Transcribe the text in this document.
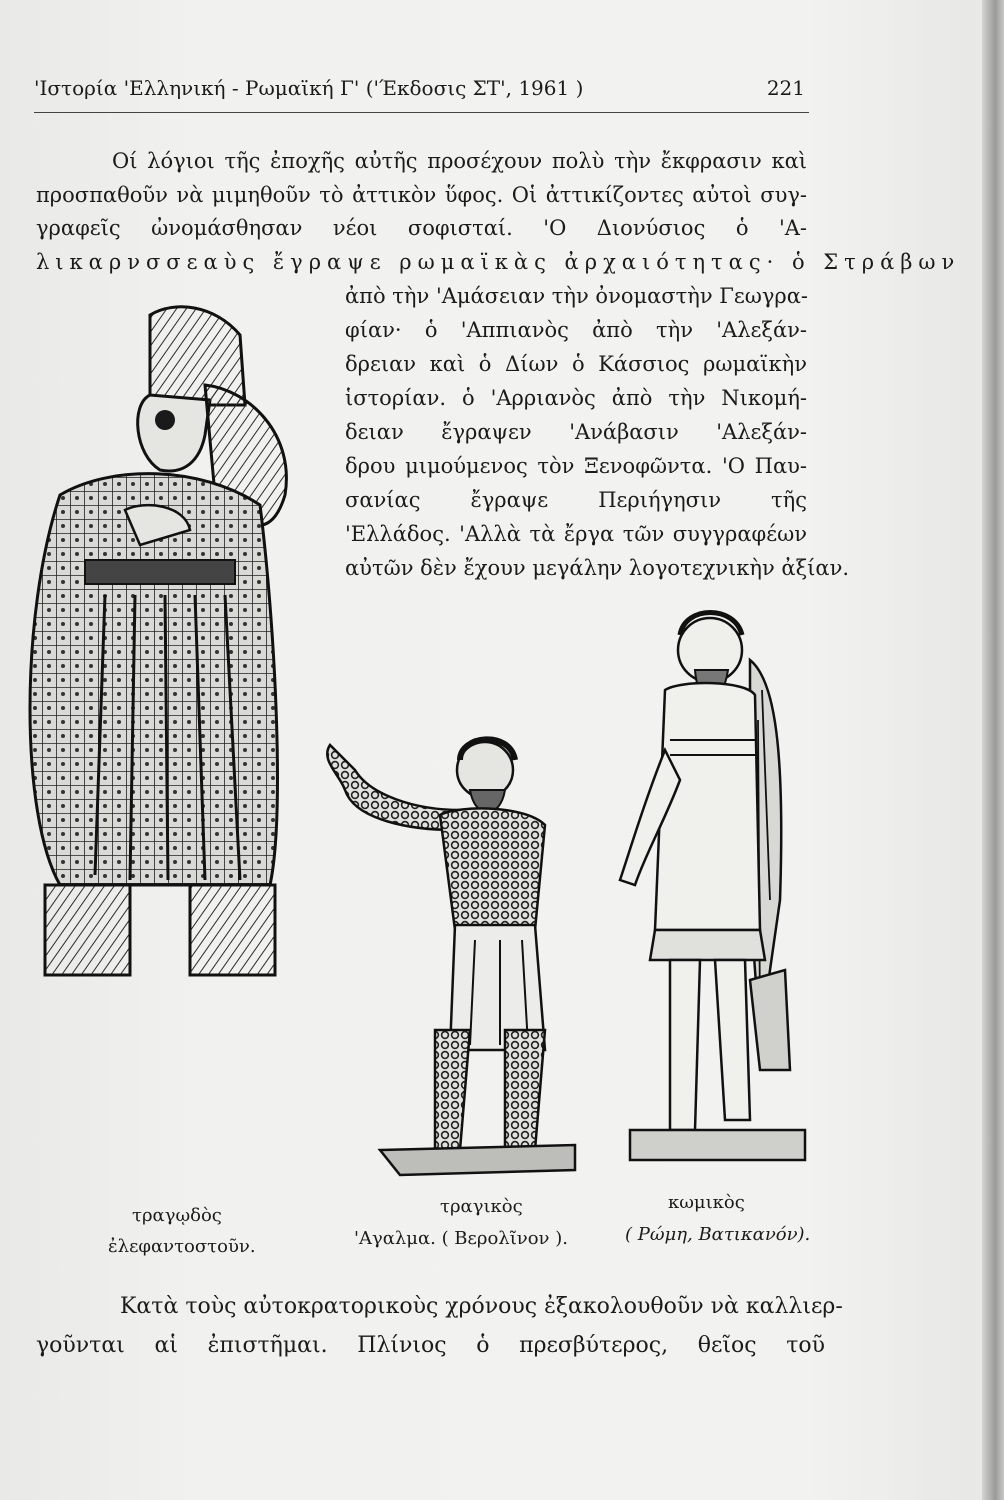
'Ιστορία 'Ελληνική - Ρωμαϊκή Γ' ('Έκδοσις ΣΤ', 1961 )	221
Οί λόγιοι τῆς ἐποχῆς αὐτῆς προσέχουν πολὺ τὴν ἔκφρασιν καὶ
προσπαθοῦν νὰ μιμηθοῦν τὸ ἀττικὸν ὕφος. Οἱ ἀττικίζοντες αὐτοὶ συγ-
γραφεῖς ὠνομάσθησαν νέοι σοφισταί. 'Ο Διονύσιος ὁ 'Α-
λικαρνσσεαὺς ἔγραψε ρωμαϊκὰς ἀρχαιότητας· ὁ Στράβων
ἀπὸ τὴν 'Αμάσειαν τὴν ὀνομαστὴν Γεωγρα-
φίαν· ὁ 'Αππιανὸς ἀπὸ τὴν 'Αλεξάν-
δρειαν καὶ ὁ Δίων ὁ Κάσσιος ρωμαϊκὴν
ἱστορίαν. ὁ 'Αρριανὸς ἀπὸ τὴν Νικομή-
δειαν ἔγραψεν 'Ανάβασιν 'Αλεξάν-
δρου μιμούμενος τὸν Ξενοφῶντα. 'Ο Παυ-
σανίας ἔγραψε Περιήγησιν τῆς
'Ελλάδος. 'Αλλὰ τὰ ἔργα τῶν συγγραφέων
αὐτῶν δὲν ἔχουν μεγάλην λογοτεχνικὴν ἀξίαν.
τραγῳδὸς
ἐλεφαντοστοῦν.
τραγικὸς
'Αγαλμα. ( Βερολῖνον ).
κωμικὸς
( Ρώμη, Βατικανόν).
Κατὰ τοὺς αὐτοκρατορικοὺς χρόνους ἐξακολουθοῦν νὰ καλλιερ-
γοῦνται αἱ ἐπιστῆμαι. Πλίνιος ὁ πρεσβύτερος, θεῖος τοῦ
